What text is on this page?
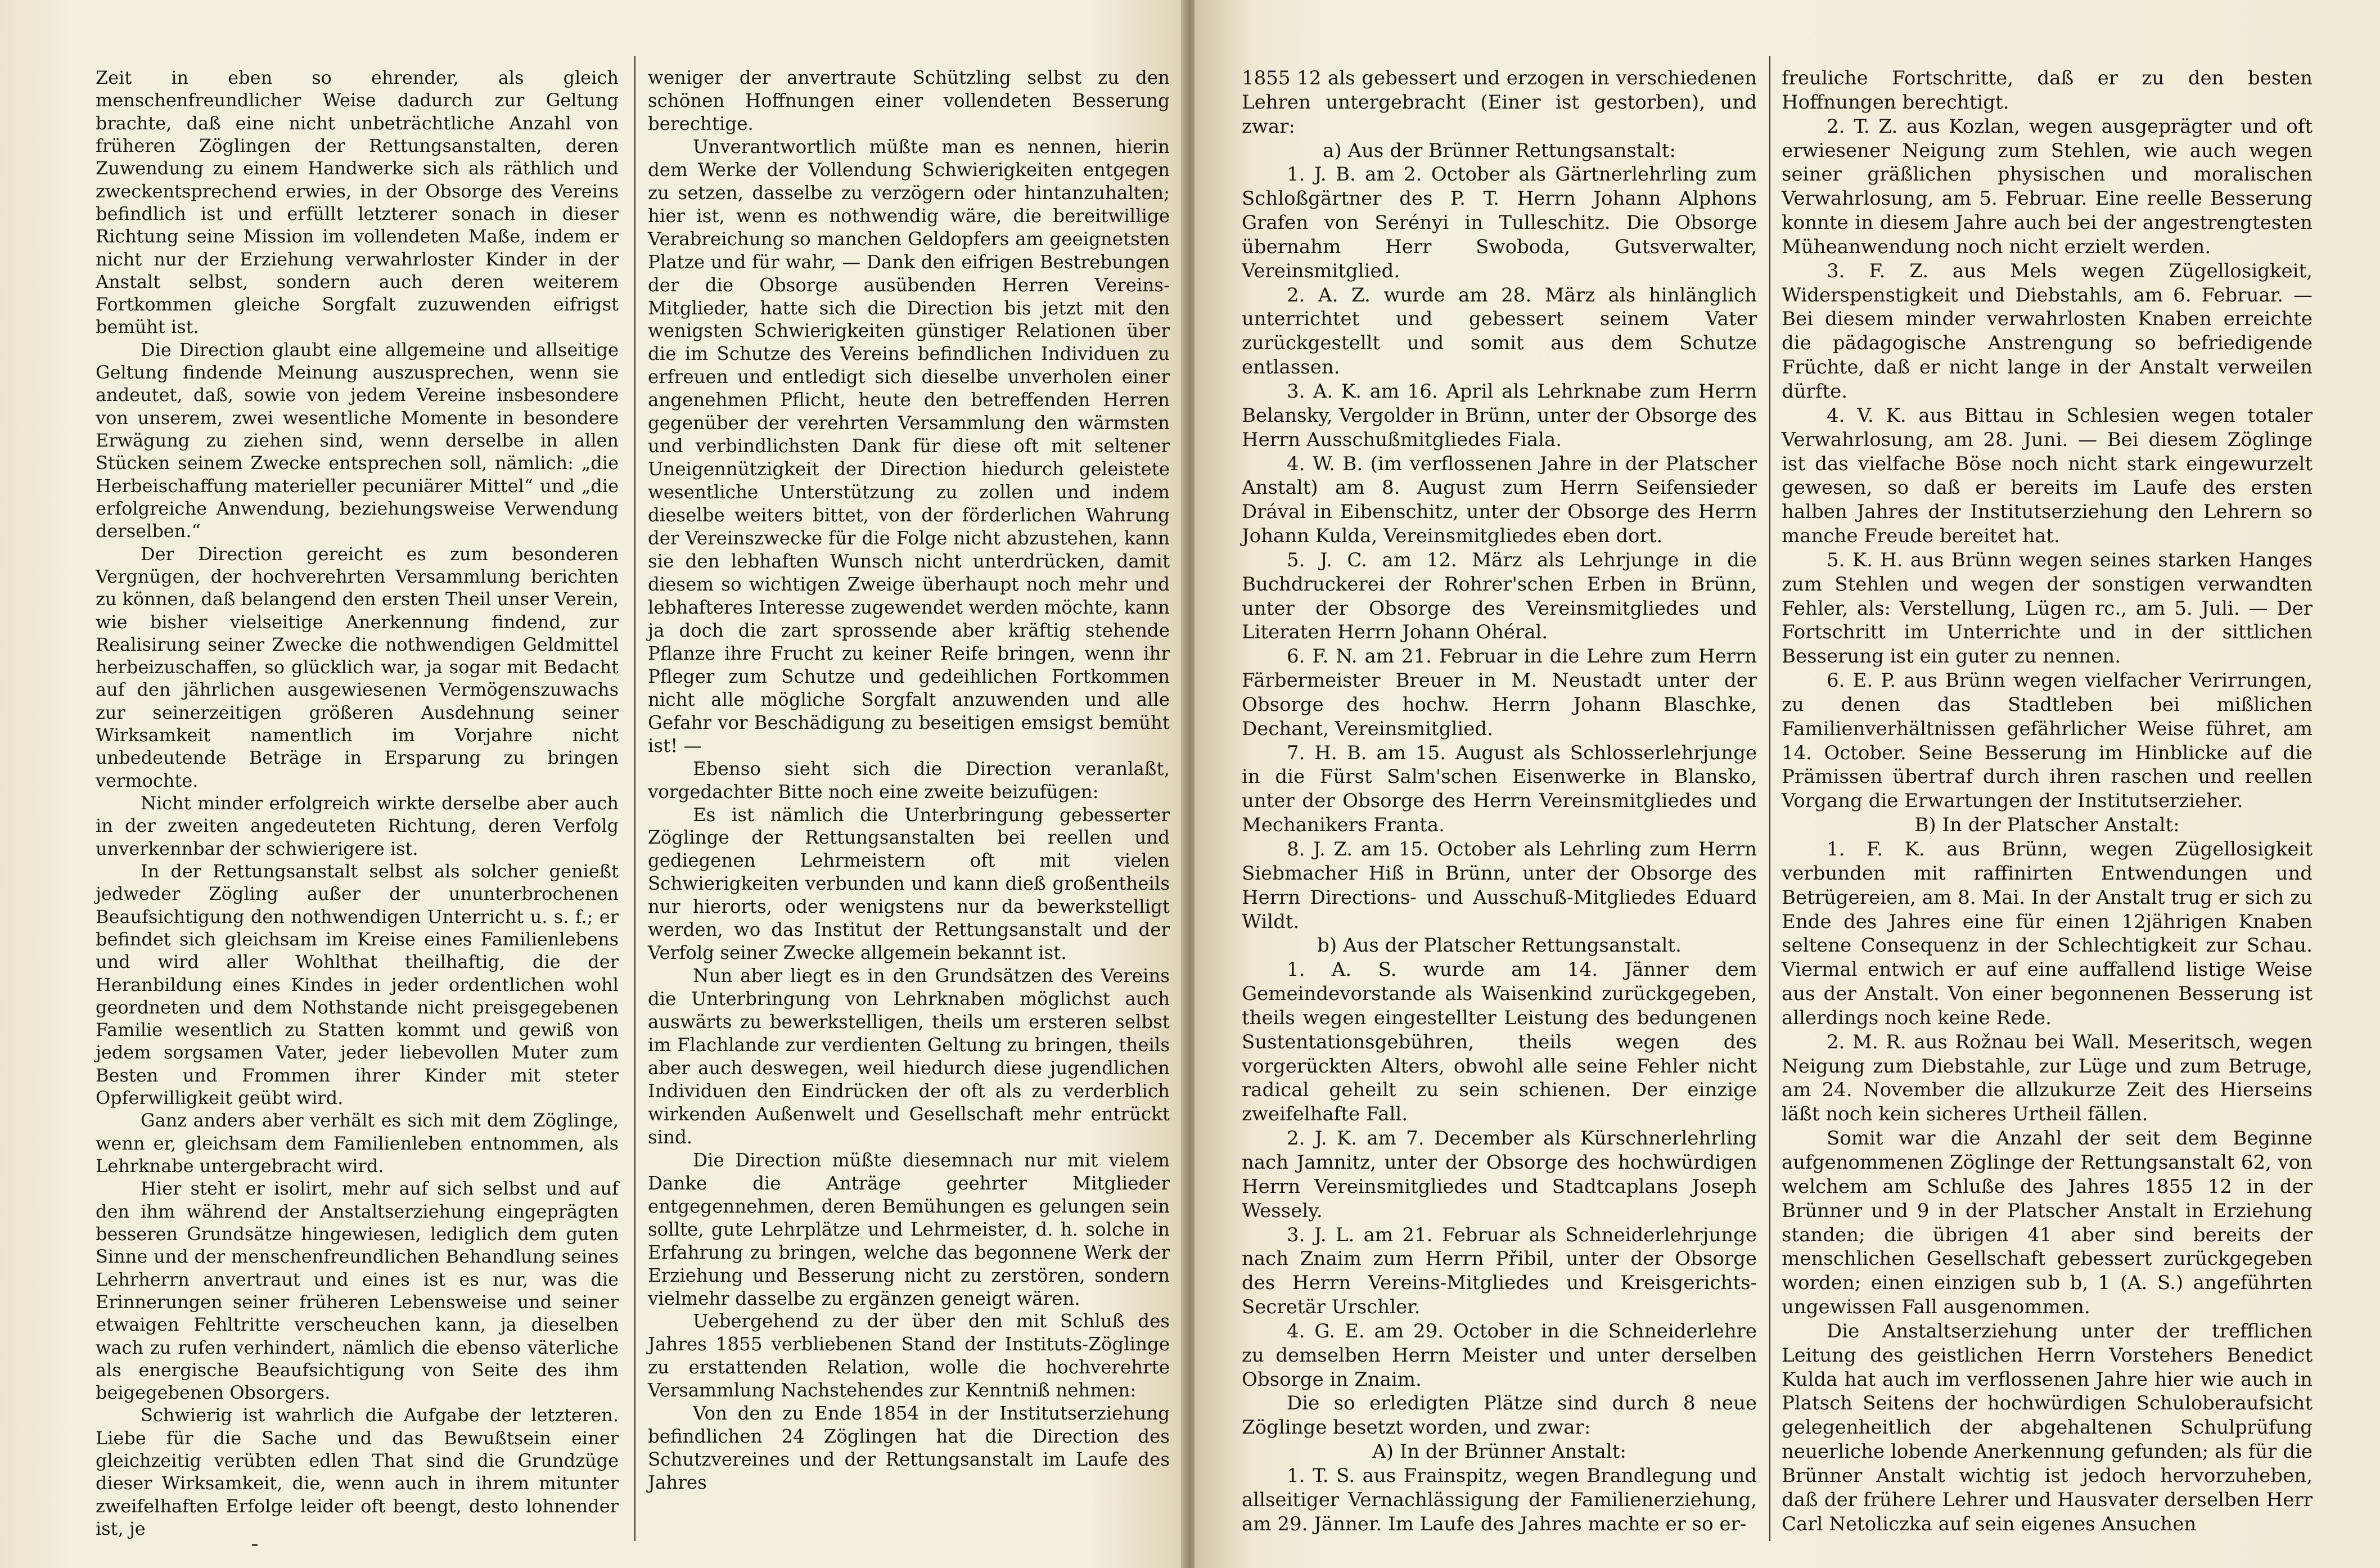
Zeit in eben so ehrender, als gleich menschenfreundlicher Weise dadurch zur Geltung brachte, daß eine nicht unbeträchtliche Anzahl von früheren Zöglingen der Rettungsanstalten, deren Zuwendung zu einem Handwerke sich als räthlich und zweckentsprechend erwies, in der Obsorge des Vereins befindlich ist und erfüllt letzterer sonach in dieser Richtung seine Mission im vollendeten Maße, indem er nicht nur der Erziehung verwahrloster Kinder in der Anstalt selbst, sondern auch deren weiterem Fortkommen gleiche Sorgfalt zuzuwenden eifrigst bemüht ist.

Die Direction glaubt eine allgemeine und allseitige Geltung findende Meinung auszusprechen, wenn sie andeutet, daß, sowie von jedem Vereine insbesondere von unserem, zwei wesentliche Momente in besondere Erwägung zu ziehen sind, wenn derselbe in allen Stücken seinem Zwecke entsprechen soll, nämlich: „die Herbeischaffung materieller pecuniärer Mittel“ und „die erfolgreiche Anwendung, beziehungsweise Verwendung derselben.“

Der Direction gereicht es zum besonderen Vergnügen, der hochverehrten Versammlung berichten zu können, daß belangend den ersten Theil unser Verein, wie bisher vielseitige Anerkennung findend, zur Realisirung seiner Zwecke die nothwendigen Geldmittel herbeizuschaffen, so glücklich war, ja sogar mit Bedacht auf den jährlichen ausgewiesenen Vermögenszuwachs zur seinerzeitigen größeren Ausdehnung seiner Wirksamkeit namentlich im Vorjahre nicht unbedeutende Beträge in Ersparung zu bringen vermochte.

Nicht minder erfolgreich wirkte derselbe aber auch in der zweiten angedeuteten Richtung, deren Verfolg unverkennbar der schwierigere ist.

In der Rettungsanstalt selbst als solcher genießt jedweder Zögling außer der ununterbrochenen Beaufsichtigung den nothwendigen Unterricht u. s. f.; er befindet sich gleichsam im Kreise eines Familienlebens und wird aller Wohlthat theilhaftig, die der Heranbildung eines Kindes in jeder ordentlichen wohl geordneten und dem Nothstande nicht preisgegebenen Familie wesentlich zu Statten kommt und gewiß von jedem sorgsamen Vater, jeder liebevollen Muter zum Besten und Frommen ihrer Kinder mit steter Opferwilligkeit geübt wird.

Ganz anders aber verhält es sich mit dem Zöglinge, wenn er, gleichsam dem Familienleben entnommen, als Lehrknabe untergebracht wird.

Hier steht er isolirt, mehr auf sich selbst und auf den ihm während der Anstaltserziehung eingeprägten besseren Grundsätze hingewiesen, lediglich dem guten Sinne und der menschenfreundlichen Behandlung seines Lehrherrn anvertraut und eines ist es nur, was die Erinnerungen seiner früheren Lebensweise und seiner etwaigen Fehltritte verscheuchen kann, ja dieselben wach zu rufen verhindert, nämlich die ebenso väterliche als energische Beaufsichtigung von Seite des ihm beigegebenen Obsorgers.

Schwierig ist wahrlich die Aufgabe der letzteren. Liebe für die Sache und das Bewußtsein einer gleichzeitig verübten edlen That sind die Grundzüge dieser Wirksamkeit, die, wenn auch in ihrem mitunter zweifelhaften Erfolge leider oft beengt, desto lohnender ist, je

weniger der anvertraute Schützling selbst zu den schönen Hoffnungen einer vollendeten Besserung berechtige.

Unverantwortlich müßte man es nennen, hierin dem Werke der Vollendung Schwierigkeiten entgegen zu setzen, dasselbe zu verzögern oder hintanzuhalten; hier ist, wenn es nothwendig wäre, die bereitwillige Verabreichung so manchen Geldopfers am geeignetsten Platze und für wahr, — Dank den eifrigen Bestrebungen der die Obsorge ausübenden Herren Vereins-Mitglieder, hatte sich die Direction bis jetzt mit den wenigsten Schwierigkeiten günstiger Relationen über die im Schutze des Vereins befindlichen Individuen zu erfreuen und entledigt sich dieselbe unverholen einer angenehmen Pflicht, heute den betreffenden Herren gegenüber der verehrten Versammlung den wärmsten und verbindlichsten Dank für diese oft mit seltener Uneigennützigkeit der Direction hiedurch geleistete wesentliche Unterstützung zu zollen und indem dieselbe weiters bittet, von der förderlichen Wahrung der Vereinszwecke für die Folge nicht abzustehen, kann sie den lebhaften Wunsch nicht unterdrücken, damit diesem so wichtigen Zweige überhaupt noch mehr und lebhafteres Interesse zugewendet werden möchte, kann ja doch die zart sprossende aber kräftig stehende Pflanze ihre Frucht zu keiner Reife bringen, wenn ihr Pfleger zum Schutze und gedeihlichen Fortkommen nicht alle mögliche Sorgfalt anzuwenden und alle Gefahr vor Beschädigung zu beseitigen emsigst bemüht ist! —

Ebenso sieht sich die Direction veranlaßt, vorgedachter Bitte noch eine zweite beizufügen:

Es ist nämlich die Unterbringung gebesserter Zöglinge der Rettungsanstalten bei reellen und gediegenen Lehrmeistern oft mit vielen Schwierigkeiten verbunden und kann dieß großentheils nur hierorts, oder wenigstens nur da bewerkstelligt werden, wo das Institut der Rettungsanstalt und der Verfolg seiner Zwecke allgemein bekannt ist.

Nun aber liegt es in den Grundsätzen des Vereins die Unterbringung von Lehrknaben möglichst auch auswärts zu bewerkstelligen, theils um ersteren selbst im Flachlande zur verdienten Geltung zu bringen, theils aber auch deswegen, weil hiedurch diese jugendlichen Individuen den Eindrücken der oft als zu verderblich wirkenden Außenwelt und Gesellschaft mehr entrückt sind.

Die Direction müßte diesemnach nur mit vielem Danke die Anträge geehrter Mitglieder entgegennehmen, deren Bemühungen es gelungen sein sollte, gute Lehrplätze und Lehrmeister, d. h. solche in Erfahrung zu bringen, welche das begonnene Werk der Erziehung und Besserung nicht zu zerstören, sondern vielmehr dasselbe zu ergänzen geneigt wären.

Uebergehend zu der über den mit Schluß des Jahres 1855 verbliebenen Stand der Instituts-Zöglinge zu erstattenden Relation, wolle die hochverehrte Versammlung Nachstehendes zur Kenntniß nehmen:

Von den zu Ende 1854 in der Institutserziehung befindlichen 24 Zöglingen hat die Direction des Schutzvereines und der Rettungsanstalt im Laufe des Jahres

1855 12 als gebessert und erzogen in verschiedenen Lehren untergebracht (Einer ist gestorben), und zwar:

a) Aus der Brünner Rettungsanstalt:

1. J. B. am 2. October als Gärtnerlehrling zum Schloßgärtner des P. T. Herrn Johann Alphons Grafen von Serényi in Tulleschitz. Die Obsorge übernahm Herr Swoboda, Gutsverwalter, Vereinsmitglied.

2. A. Z. wurde am 28. März als hinlänglich unterrichtet und gebessert seinem Vater zurückgestellt und somit aus dem Schutze entlassen.

3. A. K. am 16. April als Lehrknabe zum Herrn Belansky, Vergolder in Brünn, unter der Obsorge des Herrn Ausschußmitgliedes Fiala.

4. W. B. (im verflossenen Jahre in der Platscher Anstalt) am 8. August zum Herrn Seifensieder Drával in Eibenschitz, unter der Obsorge des Herrn Johann Kulda, Vereinsmitgliedes eben dort.

5. J. C. am 12. März als Lehrjunge in die Buchdruckerei der Rohrer'schen Erben in Brünn, unter der Obsorge des Vereinsmitgliedes und Literaten Herrn Johann Ohéral.

6. F. N. am 21. Februar in die Lehre zum Herrn Färbermeister Breuer in M. Neustadt unter der Obsorge des hochw. Herrn Johann Blaschke, Dechant, Vereinsmitglied.

7. H. B. am 15. August als Schlosserlehrjunge in die Fürst Salm'schen Eisenwerke in Blansko, unter der Obsorge des Herrn Vereinsmitgliedes und Mechanikers Franta.

8. J. Z. am 15. October als Lehrling zum Herrn Siebmacher Hiß in Brünn, unter der Obsorge des Herrn Directions- und Ausschuß-Mitgliedes Eduard Wildt.

b) Aus der Platscher Rettungsanstalt.

1. A. S. wurde am 14. Jänner dem Gemeindevorstande als Waisenkind zurückgegeben, theils wegen eingestellter Leistung des bedungenen Sustentationsgebühren, theils wegen des vorgerückten Alters, obwohl alle seine Fehler nicht radical geheilt zu sein schienen. Der einzige zweifelhafte Fall.

2. J. K. am 7. December als Kürschnerlehrling nach Jamnitz, unter der Obsorge des hochwürdigen Herrn Vereinsmitgliedes und Stadtcaplans Joseph Wessely.

3. J. L. am 21. Februar als Schneiderlehrjunge nach Znaim zum Herrn Přibil, unter der Obsorge des Herrn Vereins-Mitgliedes und Kreisgerichts-Secretär Urschler.

4. G. E. am 29. October in die Schneiderlehre zu demselben Herrn Meister und unter derselben Obsorge in Znaim.

Die so erledigten Plätze sind durch 8 neue Zöglinge besetzt worden, und zwar:

A) In der Brünner Anstalt:

1. T. S. aus Frainspitz, wegen Brandlegung und allseitiger Vernachlässigung der Familienerziehung, am 29. Jänner. Im Laufe des Jahres machte er so er-

freuliche Fortschritte, daß er zu den besten Hoffnungen berechtigt.

2. T. Z. aus Kozlan, wegen ausgeprägter und oft erwiesener Neigung zum Stehlen, wie auch wegen seiner gräßlichen physischen und moralischen Verwahrlosung, am 5. Februar. Eine reelle Besserung konnte in diesem Jahre auch bei der angestrengtesten Müheanwendung noch nicht erzielt werden.

3. F. Z. aus Mels wegen Zügellosigkeit, Widerspenstigkeit und Diebstahls, am 6. Februar. — Bei diesem minder verwahrlosten Knaben erreichte die pädagogische Anstrengung so befriedigende Früchte, daß er nicht lange in der Anstalt verweilen dürfte.

4. V. K. aus Bittau in Schlesien wegen totaler Verwahrlosung, am 28. Juni. — Bei diesem Zöglinge ist das vielfache Böse noch nicht stark eingewurzelt gewesen, so daß er bereits im Laufe des ersten halben Jahres der Institutserziehung den Lehrern so manche Freude bereitet hat.

5. K. H. aus Brünn wegen seines starken Hanges zum Stehlen und wegen der sonstigen verwandten Fehler, als: Verstellung, Lügen rc., am 5. Juli. — Der Fortschritt im Unterrichte und in der sittlichen Besserung ist ein guter zu nennen.

6. E. P. aus Brünn wegen vielfacher Verirrungen, zu denen das Stadtleben bei mißlichen Familienverhältnissen gefährlicher Weise führet, am 14. October. Seine Besserung im Hinblicke auf die Prämissen übertraf durch ihren raschen und reellen Vorgang die Erwartungen der Institutserzieher.

B) In der Platscher Anstalt:

1. F. K. aus Brünn, wegen Zügellosigkeit verbunden mit raffinirten Entwendungen und Betrügereien, am 8. Mai. In der Anstalt trug er sich zu Ende des Jahres eine für einen 12jährigen Knaben seltene Consequenz in der Schlechtigkeit zur Schau. Viermal entwich er auf eine auffallend listige Weise aus der Anstalt. Von einer begonnenen Besserung ist allerdings noch keine Rede.

2. M. R. aus Rožnau bei Wall. Meseritsch, wegen Neigung zum Diebstahle, zur Lüge und zum Betruge, am 24. November die allzukurze Zeit des Hierseins läßt noch kein sicheres Urtheil fällen.

Somit war die Anzahl der seit dem Beginne aufgenommenen Zöglinge der Rettungsanstalt 62, von welchem am Schluße des Jahres 1855 12 in der Brünner und 9 in der Platscher Anstalt in Erziehung standen; die übrigen 41 aber sind bereits der menschlichen Gesellschaft gebessert zurückgegeben worden; einen einzigen sub b, 1 (A. S.) angeführten ungewissen Fall ausgenommen.

Die Anstaltserziehung unter der trefflichen Leitung des geistlichen Herrn Vorstehers Benedict Kulda hat auch im verflossenen Jahre hier wie auch in Platsch Seitens der hochwürdigen Schuloberaufsicht gelegenheitlich der abgehaltenen Schulprüfung neuerliche lobende Anerkennung gefunden; als für die Brünner Anstalt wichtig ist jedoch hervorzuheben, daß der frühere Lehrer und Hausvater derselben Herr Carl Netoliczka auf sein eigenes Ansuchen
